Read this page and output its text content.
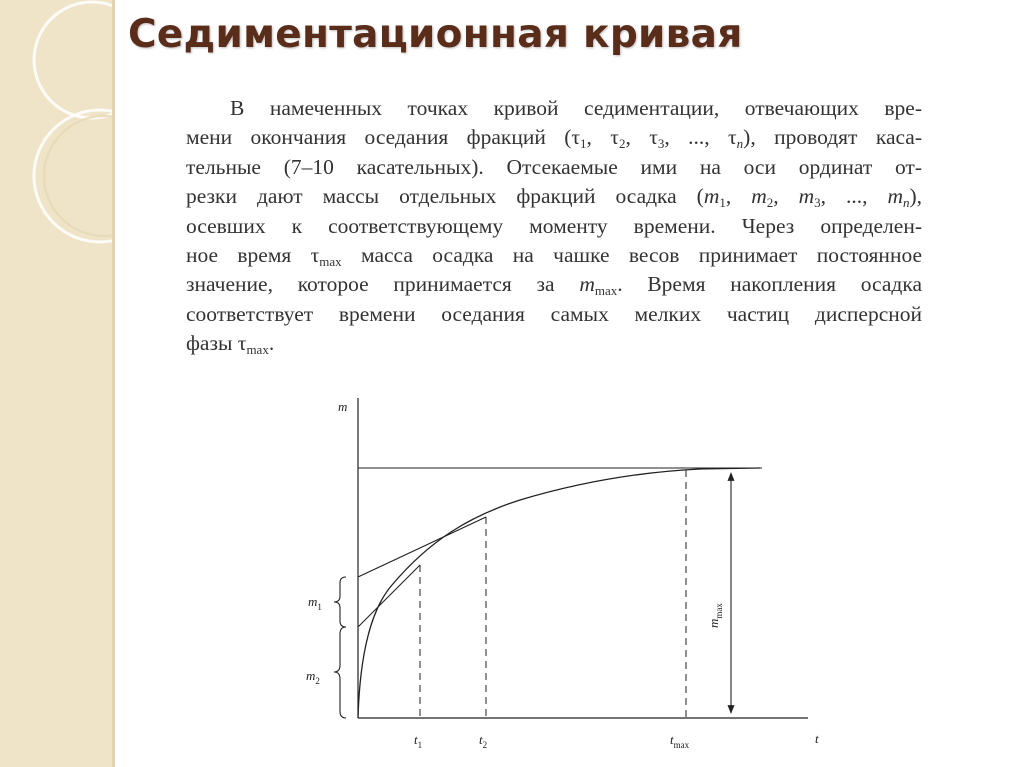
Седиментационная кривая
В намеченных точках кривой седиментации, отвечающих вре-
мени окончания оседания фракций ($\tau_1$, $\tau_2$, $\tau_3$, ..., $\tau_n$), проводят каса-
тельные (7–10 касательных). Отсекаемые ими на оси ординат от-
резки дают массы отдельных фракций осадка ($m_1$, $m_2$, $m_3$, ..., $m_n$),
осевших к соответствующему моменту времени. Через определен-
ное время $\tau_{max}$ масса осадка на чашке весов принимает постоянное
значение, которое принимается за $m_{max}$. Время накопления осадка
соответствует времени оседания самых мелких частиц дисперсной
фазы $\tau_{max}$.
m
t
$t_1$	$t_2$	$t_{max}$
$m_1$
$m_2$
$m_{max}$
